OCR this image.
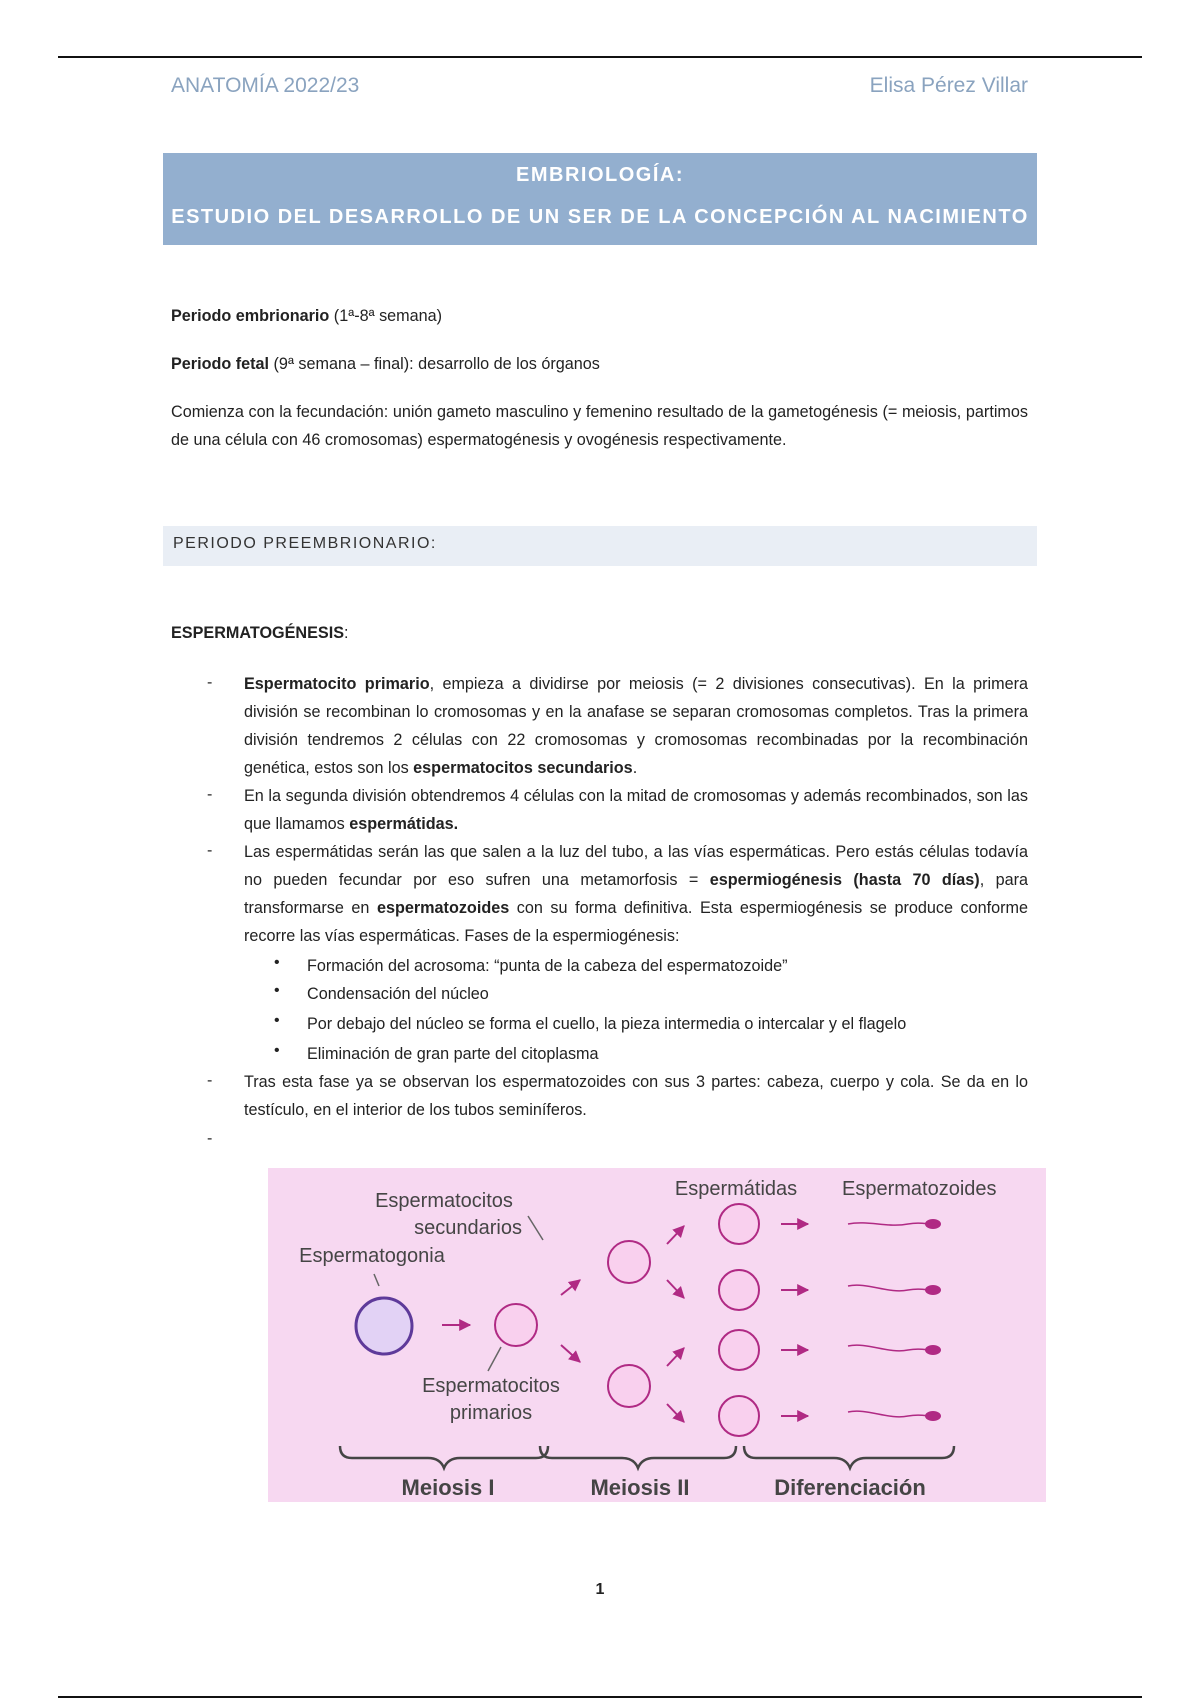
ANATOMÍA 2022/23	Elisa Pérez Villar
EMBRIOLOGÍA:
ESTUDIO DEL DESARROLLO DE UN SER DE LA CONCEPCIÓN AL NACIMIENTO
Periodo embrionario (1ª-8ª semana)
Periodo fetal (9ª semana – final): desarrollo de los órganos
Comienza con la fecundación: unión gameto masculino y femenino resultado de la gametogénesis (= meiosis, partimos de una célula con 46 cromosomas) espermatogénesis y ovogénesis respectivamente.
PERIODO PREEMBRIONARIO:
ESPERMATOGÉNESIS:
- Espermatocito primario, empieza a dividirse por meiosis (= 2 divisiones consecutivas). En la primera división se recombinan lo cromosomas y en la anafase se separan cromosomas completos. Tras la primera división tendremos 2 células con 22 cromosomas y cromosomas recombinadas por la recombinación genética, estos son los espermatocitos secundarios.
- En la segunda división obtendremos 4 células con la mitad de cromosomas y además recombinados, son las que llamamos espermátidas.
- Las espermátidas serán las que salen a la luz del tubo, a las vías espermáticas. Pero estás células todavía no pueden fecundar por eso sufren una metamorfosis = espermiogénesis (hasta 70 días), para transformarse en espermatozoides con su forma definitiva. Esta espermiogénesis se produce conforme recorre las vías espermáticas. Fases de la espermiogénesis:
• Formación del acrosoma: “punta de la cabeza del espermatozoide”
• Condensación del núcleo
• Por debajo del núcleo se forma el cuello, la pieza intermedia o intercalar y el flagelo
• Eliminación de gran parte del citoplasma
- Tras esta fase ya se observan los espermatozoides con sus 3 partes: cabeza, cuerpo y cola. Se da en lo testículo, en el interior de los tubos seminíferos.
-
Espermatocitos
secundarios
Espermatogonia
Espermátidas Espermatozoides
Espermatocitos
primarios
Meiosis I	Meiosis II	Diferenciación
1
